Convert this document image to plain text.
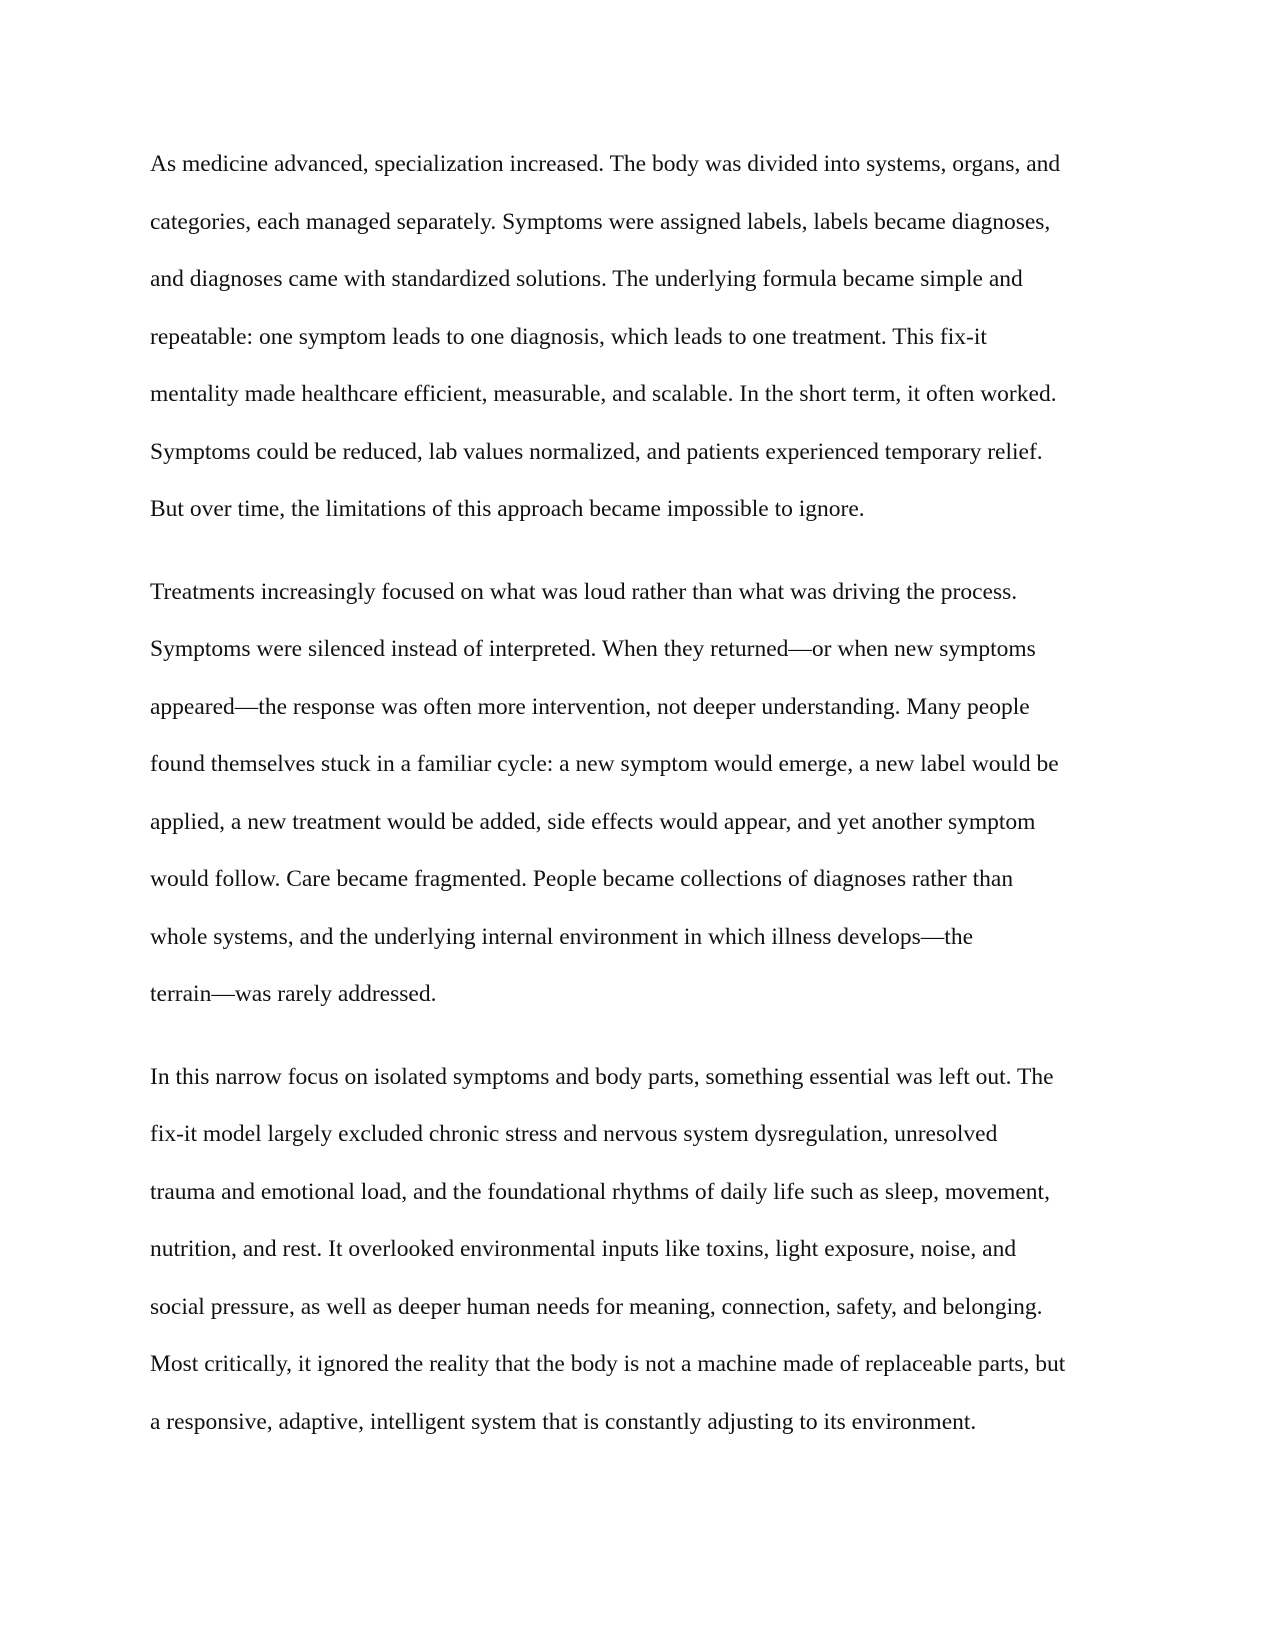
As medicine advanced, specialization increased. The body was divided into systems, organs, and
categories, each managed separately. Symptoms were assigned labels, labels became diagnoses,
and diagnoses came with standardized solutions. The underlying formula became simple and
repeatable: one symptom leads to one diagnosis, which leads to one treatment. This fix-it
mentality made healthcare efficient, measurable, and scalable. In the short term, it often worked.
Symptoms could be reduced, lab values normalized, and patients experienced temporary relief.
But over time, the limitations of this approach became impossible to ignore.

Treatments increasingly focused on what was loud rather than what was driving the process.
Symptoms were silenced instead of interpreted. When they returned—or when new symptoms
appeared—the response was often more intervention, not deeper understanding. Many people
found themselves stuck in a familiar cycle: a new symptom would emerge, a new label would be
applied, a new treatment would be added, side effects would appear, and yet another symptom
would follow. Care became fragmented. People became collections of diagnoses rather than
whole systems, and the underlying internal environment in which illness develops—the
terrain—was rarely addressed.

In this narrow focus on isolated symptoms and body parts, something essential was left out. The
fix-it model largely excluded chronic stress and nervous system dysregulation, unresolved
trauma and emotional load, and the foundational rhythms of daily life such as sleep, movement,
nutrition, and rest. It overlooked environmental inputs like toxins, light exposure, noise, and
social pressure, as well as deeper human needs for meaning, connection, safety, and belonging.
Most critically, it ignored the reality that the body is not a machine made of replaceable parts, but
a responsive, adaptive, intelligent system that is constantly adjusting to its environment.
